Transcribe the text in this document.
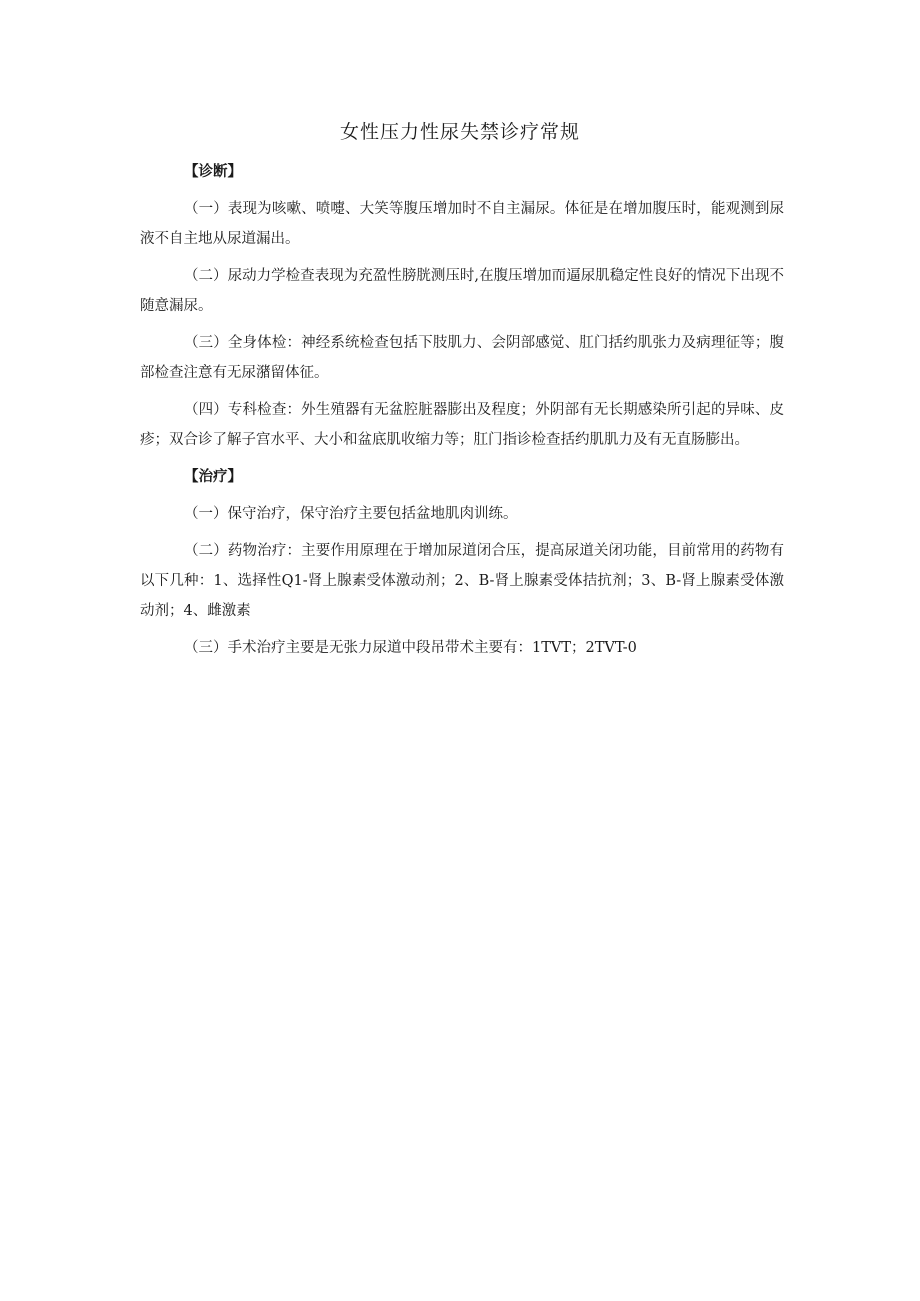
女性压力性尿失禁诊疗常规

【诊断】

（一）表现为咳嗽、喷嚏、大笑等腹压增加时不自主漏尿。体征是在增加腹压时，能观测到尿液不自主地从尿道漏出。

（二）尿动力学检查表现为充盈性膀胱测压时,在腹压增加而逼尿肌稳定性良好的情况下出现不随意漏尿。

（三）全身体检：神经系统检查包括下肢肌力、会阴部感觉、肛门括约肌张力及病理征等；腹部检查注意有无尿潴留体征。

（四）专科检查：外生殖器有无盆腔脏器膨出及程度；外阴部有无长期感染所引起的异味、皮疹；双合诊了解子宫水平、大小和盆底肌收缩力等；肛门指诊检查括约肌肌力及有无直肠膨出。

【治疗】

（一）保守治疗，保守治疗主要包括盆地肌肉训练。

（二）药物治疗：主要作用原理在于增加尿道闭合压，提高尿道关闭功能，目前常用的药物有以下几种：1、选择性Q1-肾上腺素受体激动剂；2、B-肾上腺素受体拮抗剂；3、B-肾上腺素受体激动剂；4、雌激素

（三）手术治疗主要是无张力尿道中段吊带术主要有：1TVT；2TVT-0
